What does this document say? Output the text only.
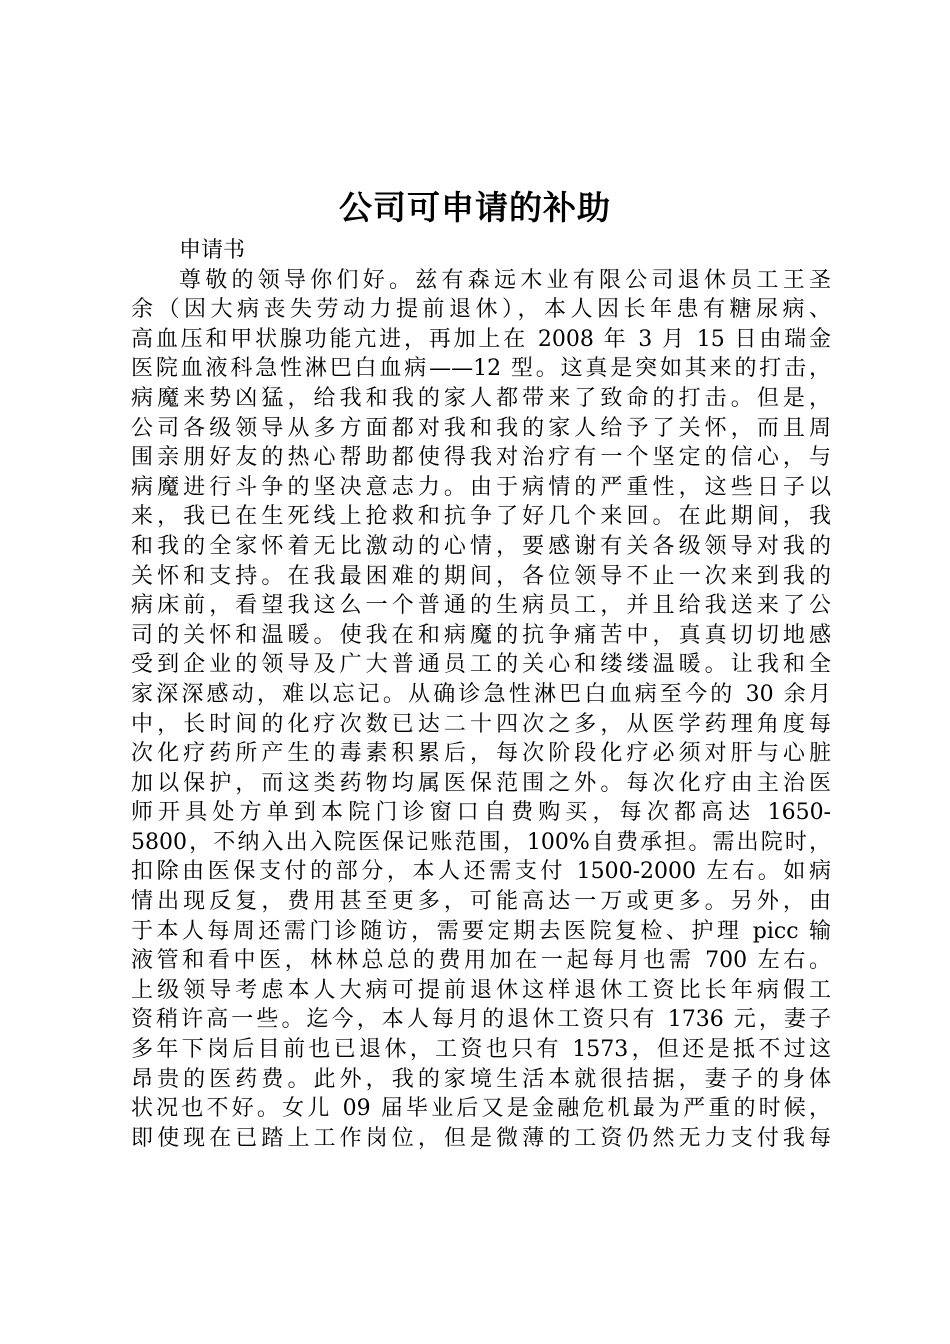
公司可申请的补助
申请书
尊敬的领导你们好。兹有森远木业有限公司退休员工王圣
余（因大病丧失劳动力提前退休），本人因长年患有糖尿病、
高血压和甲状腺功能亢进，再加上在 2008 年 3 月 15 日由瑞金
医院血液科急性淋巴白血病——12 型。这真是突如其来的打击，
病魔来势凶猛，给我和我的家人都带来了致命的打击。但是，
公司各级领导从多方面都对我和我的家人给予了关怀，而且周
围亲朋好友的热心帮助都使得我对治疗有一个坚定的信心，与
病魔进行斗争的坚决意志力。由于病情的严重性，这些日子以
来，我已在生死线上抢救和抗争了好几个来回。在此期间，我
和我的全家怀着无比激动的心情，要感谢有关各级领导对我的
关怀和支持。在我最困难的期间，各位领导不止一次来到我的
病床前，看望我这么一个普通的生病员工，并且给我送来了公
司的关怀和温暖。使我在和病魔的抗争痛苦中，真真切切地感
受到企业的领导及广大普通员工的关心和缕缕温暖。让我和全
家深深感动，难以忘记。从确诊急性淋巴白血病至今的 30 余月
中，长时间的化疗次数已达二十四次之多，从医学药理角度每
次化疗药所产生的毒素积累后，每次阶段化疗必须对肝与心脏
加以保护，而这类药物均属医保范围之外。每次化疗由主治医
师开具处方单到本院门诊窗口自费购买，每次都高达 1650-
5800，不纳入出入院医保记账范围，100%自费承担。需出院时，
扣除由医保支付的部分，本人还需支付 1500-2000 左右。如病
情出现反复，费用甚至更多，可能高达一万或更多。另外，由
于本人每周还需门诊随访，需要定期去医院复检、护理 picc 输
液管和看中医，林林总总的费用加在一起每月也需 700 左右。
上级领导考虑本人大病可提前退休这样退休工资比长年病假工
资稍许高一些。迄今，本人每月的退休工资只有 1736 元，妻子
多年下岗后目前也已退休，工资也只有 1573，但还是抵不过这
昂贵的医药费。此外，我的家境生活本就很拮据，妻子的身体
状况也不好。女儿 09 届毕业后又是金融危机最为严重的时候，
即使现在已踏上工作岗位，但是微薄的工资仍然无力支付我每
